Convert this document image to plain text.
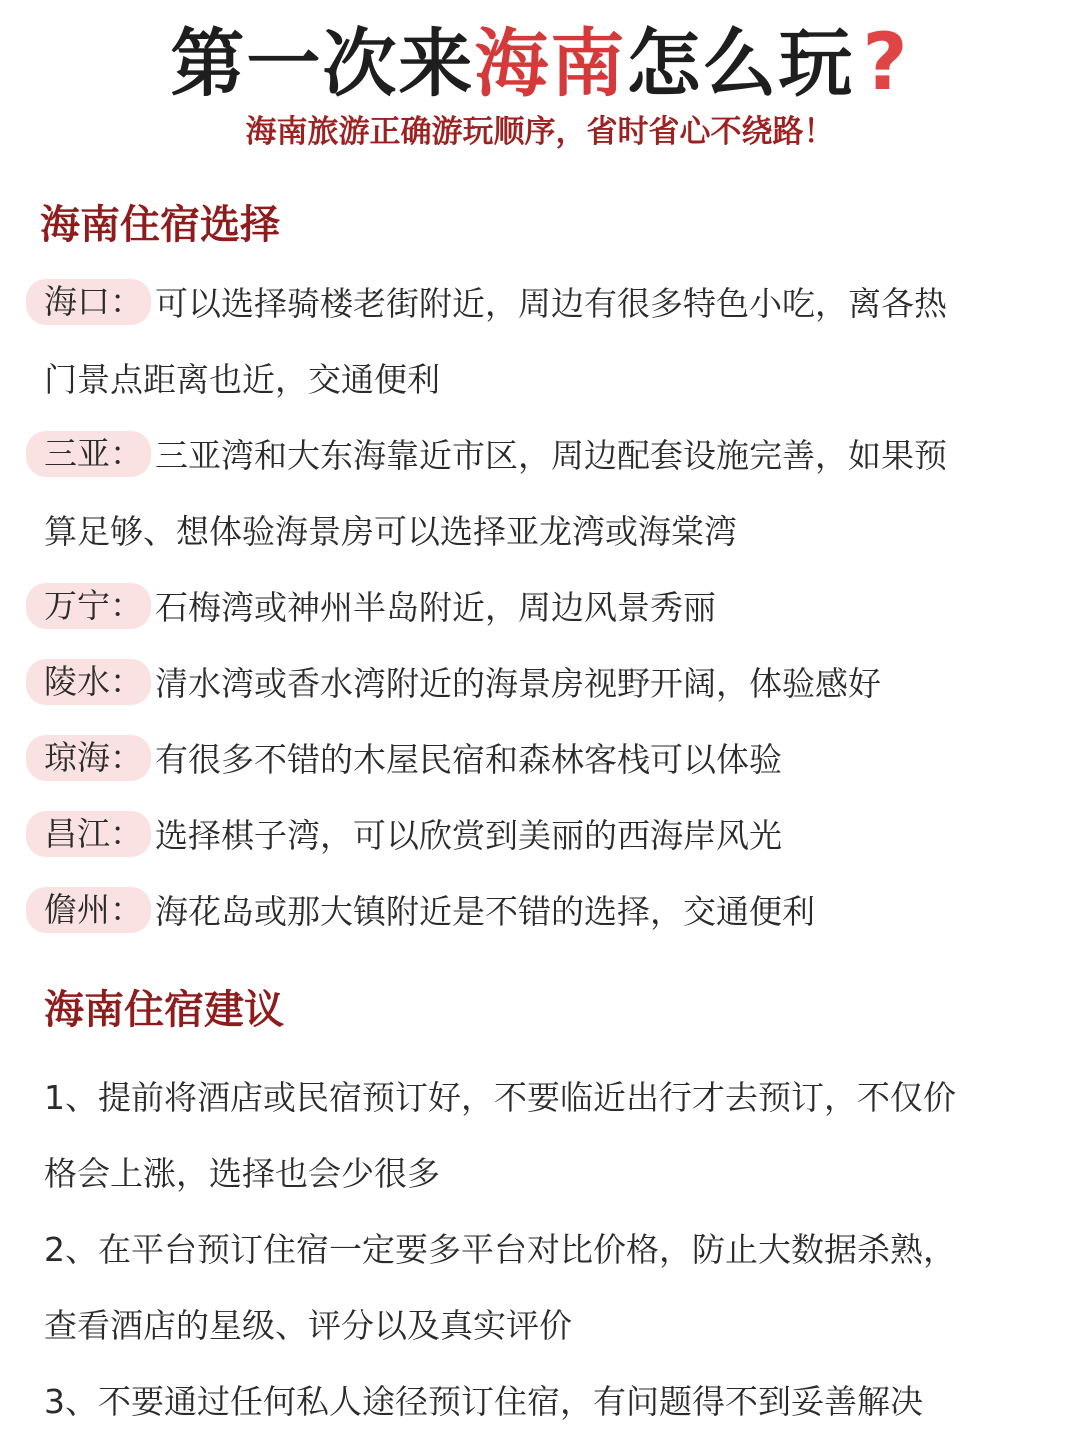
第一次来海南怎么玩 ?
海南旅游正确游玩顺序，省时省心不绕路！
海南住宿选择
海口： 可以选择骑楼老街附近，周边有很多特色小吃，离各热
门景点距离也近，交通便利
三亚： 三亚湾和大东海靠近市区，周边配套设施完善，如果预
算足够、想体验海景房可以选择亚龙湾或海棠湾
万宁： 石梅湾或神州半岛附近，周边风景秀丽
陵水： 清水湾或香水湾附近的海景房视野开阔，体验感好
琼海： 有很多不错的木屋民宿和森林客栈可以体验
昌江： 选择棋子湾，可以欣赏到美丽的西海岸风光
儋州： 海花岛或那大镇附近是不错的选择，交通便利
海南住宿建议
1、提前将酒店或民宿预订好，不要临近出行才去预订，不仅价
格会上涨，选择也会少很多
2、在平台预订住宿一定要多平台对比价格，防止大数据杀熟，
查看酒店的星级、评分以及真实评价
3、不要通过任何私人途径预订住宿，有问题得不到妥善解决
